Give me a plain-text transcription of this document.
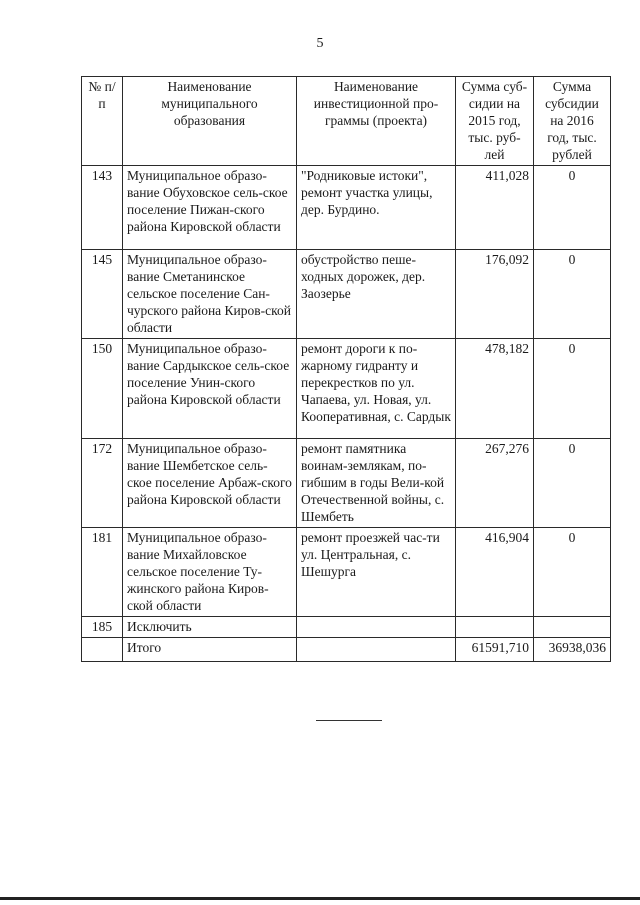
5
№ п/п	Наименование муниципального образования	Наименование инвестиционной про-граммы (проекта)	Сумма суб-сидии на 2015 год, тыс. руб-лей	Сумма субсидии на 2016 год, тыс. рублей
143	Муниципальное образо-вание Обуховское сель-ское поселение Пижан-ского района Кировской области	"Родниковые истоки", ремонт участка улицы, дер. Бурдино.	411,028	0
145	Муниципальное образо-вание Сметанинское сельское поселение Сан-чурского района Киров-ской области	обустройство пеше-ходных дорожек, дер. Заозерье	176,092	0
150	Муниципальное образо-вание Сардыкское сель-ское поселение Унин-ского района Кировской области	ремонт дороги к по-жарному гидранту и перекрестков по ул. Чапаева, ул. Новая, ул. Кооперативная, с. Сардык	478,182	0
172	Муниципальное образо-вание Шембетское сель-ское поселение Арбаж-ского района Кировской области	ремонт памятника воинам-землякам, по-гибшим в годы Вели-кой Отечественной войны, с. Шембеть	267,276	0
181	Муниципальное образо-вание Михайловское сельское поселение Ту-жинского района Киров-ской области	ремонт проезжей час-ти ул. Центральная, с. Шешурга	416,904	0
185	Исключить			
	Итого		61591,710	36938,036
